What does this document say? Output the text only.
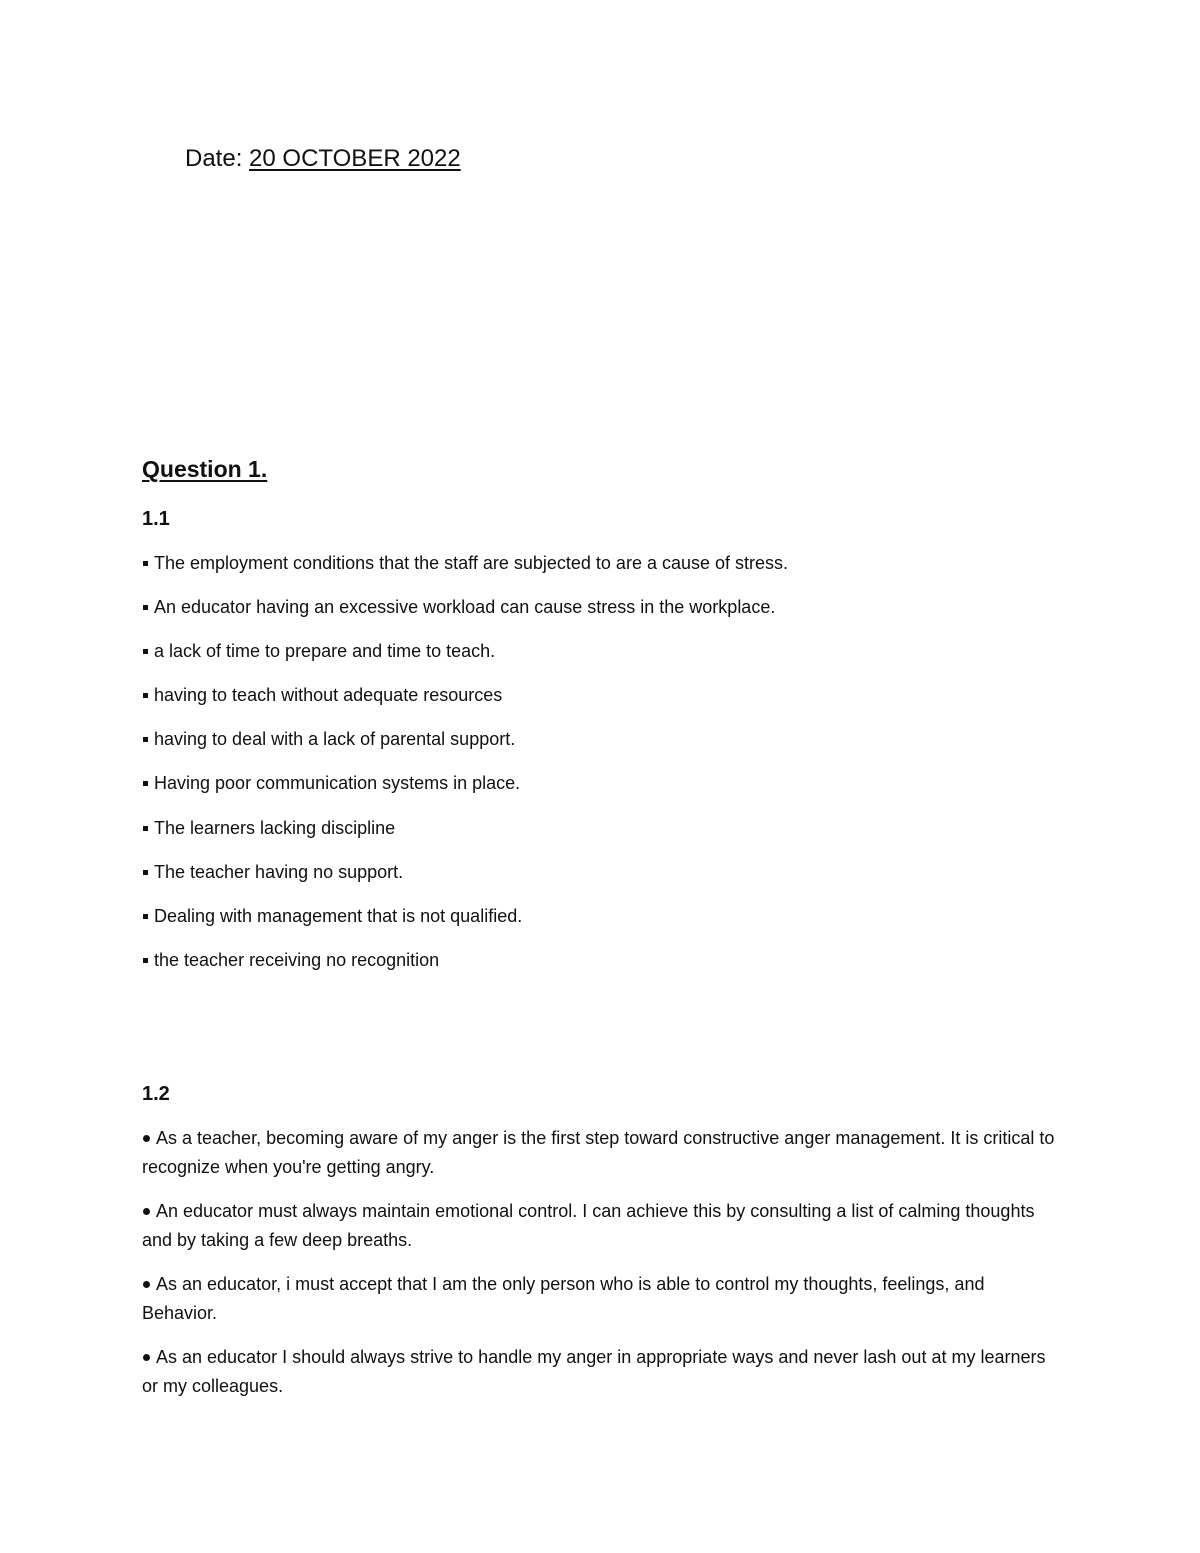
Date: 20 OCTOBER 2022
Question 1.
1.1
The employment conditions that the staff are subjected to are a cause of stress.
An educator having an excessive workload can cause stress in the workplace.
a lack of time to prepare and time to teach.
having to teach without adequate resources
having to deal with a lack of parental support.
Having poor communication systems in place.
The learners lacking discipline
The teacher having no support.
Dealing with management that is not qualified.
the teacher receiving no recognition
1.2
As a teacher, becoming aware of my anger is the first step toward constructive anger management. It is critical to recognize when you're getting angry.
An educator must always maintain emotional control. I can achieve this by consulting a list of calming thoughts and by taking a few deep breaths.
As an educator, i must accept that I am the only person who is able to control my thoughts, feelings, and Behavior.
As an educator I should always strive to handle my anger in appropriate ways and never lash out at my learners or my colleagues.
